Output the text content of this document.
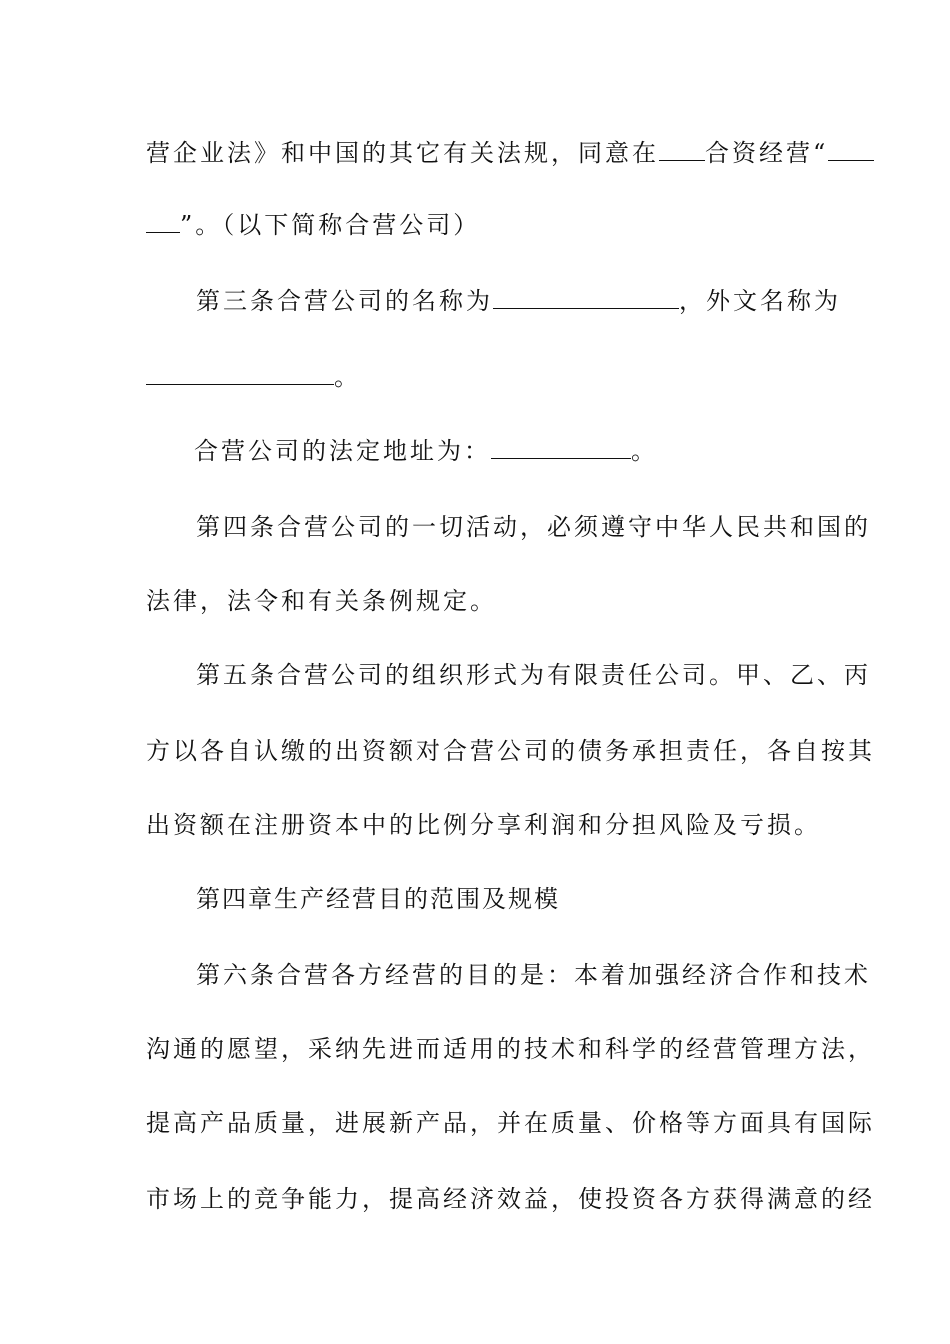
营企业法》和中国的其它有关法规，同意在 合资经营“
”。（以下简称合营公司）
第三条合营公司的名称为	，外文名称为
。
合营公司的法定地址为：	。
第四条合营公司的一切活动，必须遵守中华人民共和国的
法律，法令和有关条例规定。
第五条合营公司的组织形式为有限责任公司。甲、乙、丙
方以各自认缴的出资额对合营公司的债务承担责任，各自按其
出资额在注册资本中的比例分享利润和分担风险及亏损。
第四章生产经营目的范围及规模
第六条合营各方经营的目的是：本着加强经济合作和技术
沟通的愿望，采纳先进而适用的技术和科学的经营管理方法，
提高产品质量，进展新产品，并在质量、价格等方面具有国际
市场上的竞争能力，提高经济效益，使投资各方获得满意的经
